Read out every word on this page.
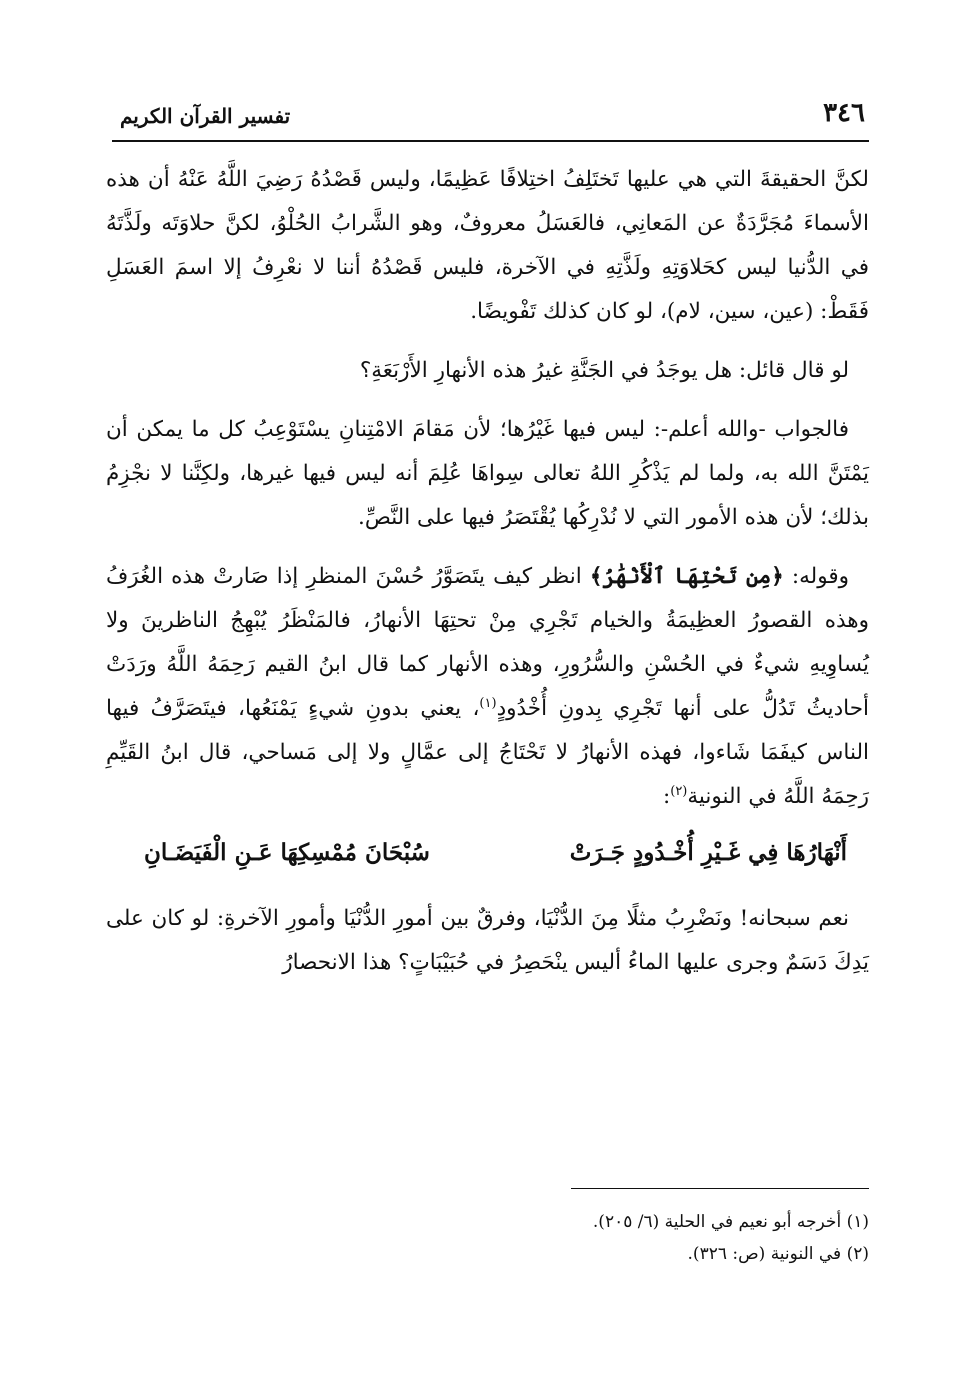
٣٤٦
تفسير القرآن الكريم

لكنَّ الحقيقةَ التي هي عليها تَختَلِفُ اختِلافًا عَظِيمًا، وليس قَصْدُهُ رَضِيَ اللَّهُ عَنْهُ أن هذه الأسماءَ مُجَرَّدَةٌ عن المَعانِي، فالعَسَلُ معروفٌ، وهو الشَّرابُ الحُلْوُ، لكنَّ حلاوَتَه ولَذَّتَهُ في الدُّنيا ليس كحَلاوَتِهِ ولَذَّتِهِ في الآخرة، فليس قَصْدُهُ أننا لا نعْرِفُ إلا اسمَ العَسَلِ فَقَطْ: (عين، سين، لام)، لو كان كذلك تَفْويضًا.

لو قال قائل: هل يوجَدُ في الجَنَّةِ غيرُ هذه الأنهارِ الأَرْبَعَةِ؟

فالجواب -والله أعلم-: ليس فيها غَيْرُها؛ لأن مَقامَ الامْتِنانِ يسْتَوْعِبُ كل ما يمكن أن يَمْتَنَّ الله به، ولما لم يَذْكُرِ اللهُ تعالى سِواهَا عُلِمَ أنه ليس فيها غيرها، ولكِنَّنا لا نجْزِمُ بذلك؛ لأن هذه الأمور التي لا نُدْرِكُها يُقْتَصَرُ فيها على النَّصِّ.

وقوله: ﴿مِن تَحْتِهَا ٱلْأَنْهَٰرُ﴾ انظر كيف يتَصَوَّرُ حُسْنَ المنظرِ إذا صَارتْ هذه الغُرَفُ وهذه القصورُ العظِيمَةُ والخيام تَجْرِي مِنْ تحتِهَا الأنهارُ، فالمَنْظَرُ يُبْهِجُ الناظرينَ ولا يُساوِيهِ شيءٌ في الحُسْنِ والسُّرُورِ، وهذه الأنهار كما قال ابنُ القيم رَحِمَهُ اللَّهُ ورَدَتْ أحاديثُ تَدُلُّ على أنها تَجْرِي بِدونِ أُخْدُودٍ$^{(١)}$، يعني بدونِ شيءٍ يَمْنَعُها، فيتَصَرَّفُ فيها الناس كيفَمَا شَاءوا، فهذه الأنهارُ لا تَحْتَاجُ إلى عمَّالٍ ولا إلى مَساحي، قال ابنُ القَيِّمِ رَحِمَهُ اللَّهُ في النونية$^{(٢)}$:

أَنْهَارُهَا فِي غَـيْرِ أُخْـدُودٍ جَـرَتْ
سُبْحَانَ مُمْسِكِهَا عَـنِ الْفَيَضَـانِ

نعم سبحانه! ونَضْرِبُ مثلًا مِنَ الدُّنْيَا، وفرقٌ بين أمورِ الدُّنْيَا وأمورِ الآخرةِ: لو كان على يَدِكَ دَسَمٌ وجرى عليها الماءُ أليس ينْحَصِرُ في حُبَيْبَاتٍ؟ هذا الانحصارُ

(١) أخرجه أبو نعيم في الحلية (٦/ ٢٠٥).

(٢) في النونية (ص: ٣٢٦).
